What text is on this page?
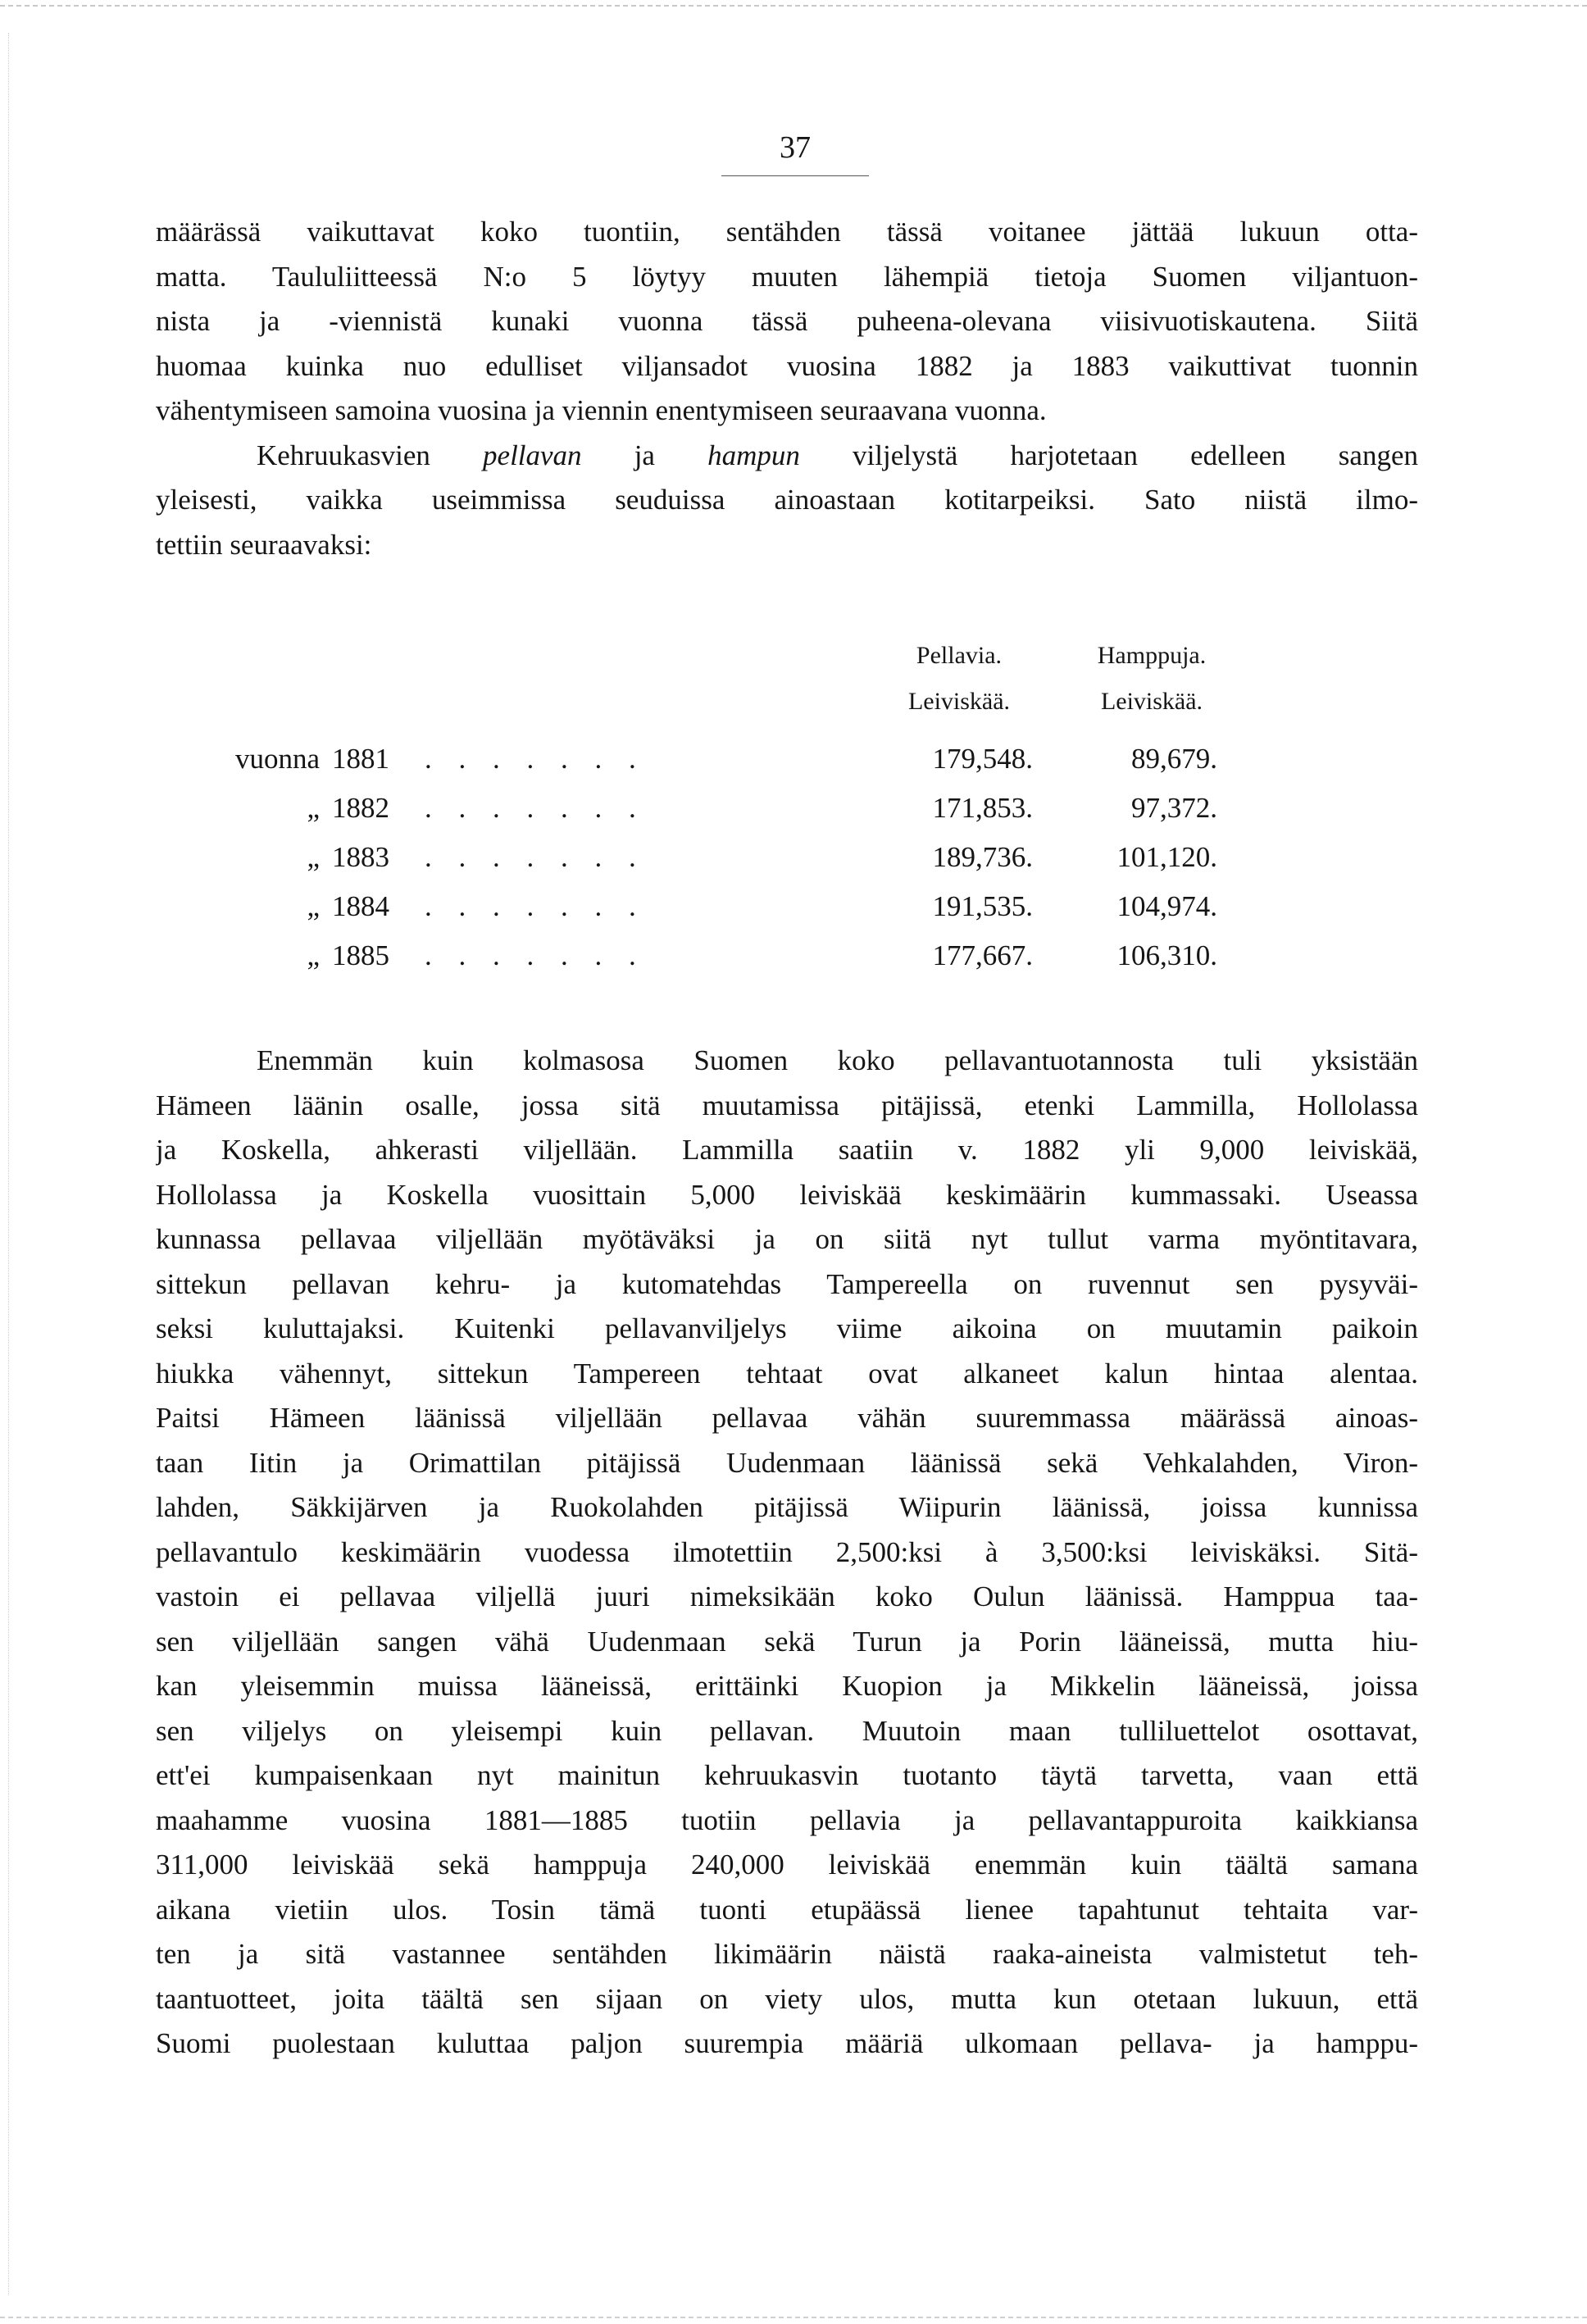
37
määrässä vaikuttavat koko tuontiin, sentähden tässä voitanee jättää lukuun otta-
matta. Taululiitteessä N:o 5 löytyy muuten lähempiä tietoja Suomen viljantuon-
nista ja -viennistä kunaki vuonna tässä puheena-olevana viisivuotiskautena. Siitä
huomaa kuinka nuo edulliset viljansadot vuosina 1882 ja 1883 vaikuttivat tuonnin
vähentymiseen samoina vuosina ja viennin enentymiseen seuraavana vuonna.
Kehruukasvien pellavan ja hampun viljelystä harjotetaan edelleen sangen
yleisesti, vaikka useimmissa seuduissa ainoastaan kotitarpeiksi. Sato niistä ilmo-
tettiin seuraavaksi:
Pellavia.
Leiviskää.
Hamppuja.
Leiviskää.
vuonna 1881 . . . . . . .	179,548.	89,679.
„ 1882 . . . . . . .	171,853.	97,372.
„ 1883 . . . . . . .	189,736.	101,120.
„ 1884 . . . . . . .	191,535.	104,974.
„ 1885 . . . . . . .	177,667.	106,310.
Enemmän kuin kolmasosa Suomen koko pellavantuotannosta tuli yksistään
Hämeen läänin osalle, jossa sitä muutamissa pitäjissä, etenki Lammilla, Hollolassa
ja Koskella, ahkerasti viljellään. Lammilla saatiin v. 1882 yli 9,000 leiviskää,
Hollolassa ja Koskella vuosittain 5,000 leiviskää keskimäärin kummassaki. Useassa
kunnassa pellavaa viljellään myötäväksi ja on siitä nyt tullut varma myöntitavara,
sittekun pellavan kehru- ja kutomatehdas Tampereella on ruvennut sen pysyväi-
seksi kuluttajaksi. Kuitenki pellavanviljelys viime aikoina on muutamin paikoin
hiukka vähennyt, sittekun Tampereen tehtaat ovat alkaneet kalun hintaa alentaa.
Paitsi Hämeen läänissä viljellään pellavaa vähän suuremmassa määrässä ainoas-
taan Iitin ja Orimattilan pitäjissä Uudenmaan läänissä sekä Vehkalahden, Viron-
lahden, Säkkijärven ja Ruokolahden pitäjissä Wiipurin läänissä, joissa kunnissa
pellavantulo keskimäärin vuodessa ilmotettiin 2,500:ksi à 3,500:ksi leiviskäksi. Sitä-
vastoin ei pellavaa viljellä juuri nimeksikään koko Oulun läänissä. Hamppua taa-
sen viljellään sangen vähä Uudenmaan sekä Turun ja Porin lääneissä, mutta hiu-
kan yleisemmin muissa lääneissä, erittäinki Kuopion ja Mikkelin lääneissä, joissa
sen viljelys on yleisempi kuin pellavan. Muutoin maan tulliluettelot osottavat,
ett'ei kumpaisenkaan nyt mainitun kehruukasvin tuotanto täytä tarvetta, vaan että
maahamme vuosina 1881—1885 tuotiin pellavia ja pellavantappuroita kaikkiansa
311,000 leiviskää sekä hamppuja 240,000 leiviskää enemmän kuin täältä samana
aikana vietiin ulos. Tosin tämä tuonti etupäässä lienee tapahtunut tehtaita var-
ten ja sitä vastannee sentähden likimäärin näistä raaka-aineista valmistetut teh-
taantuotteet, joita täältä sen sijaan on viety ulos, mutta kun otetaan lukuun, että
Suomi puolestaan kuluttaa paljon suurempia määriä ulkomaan pellava- ja hamppu-
